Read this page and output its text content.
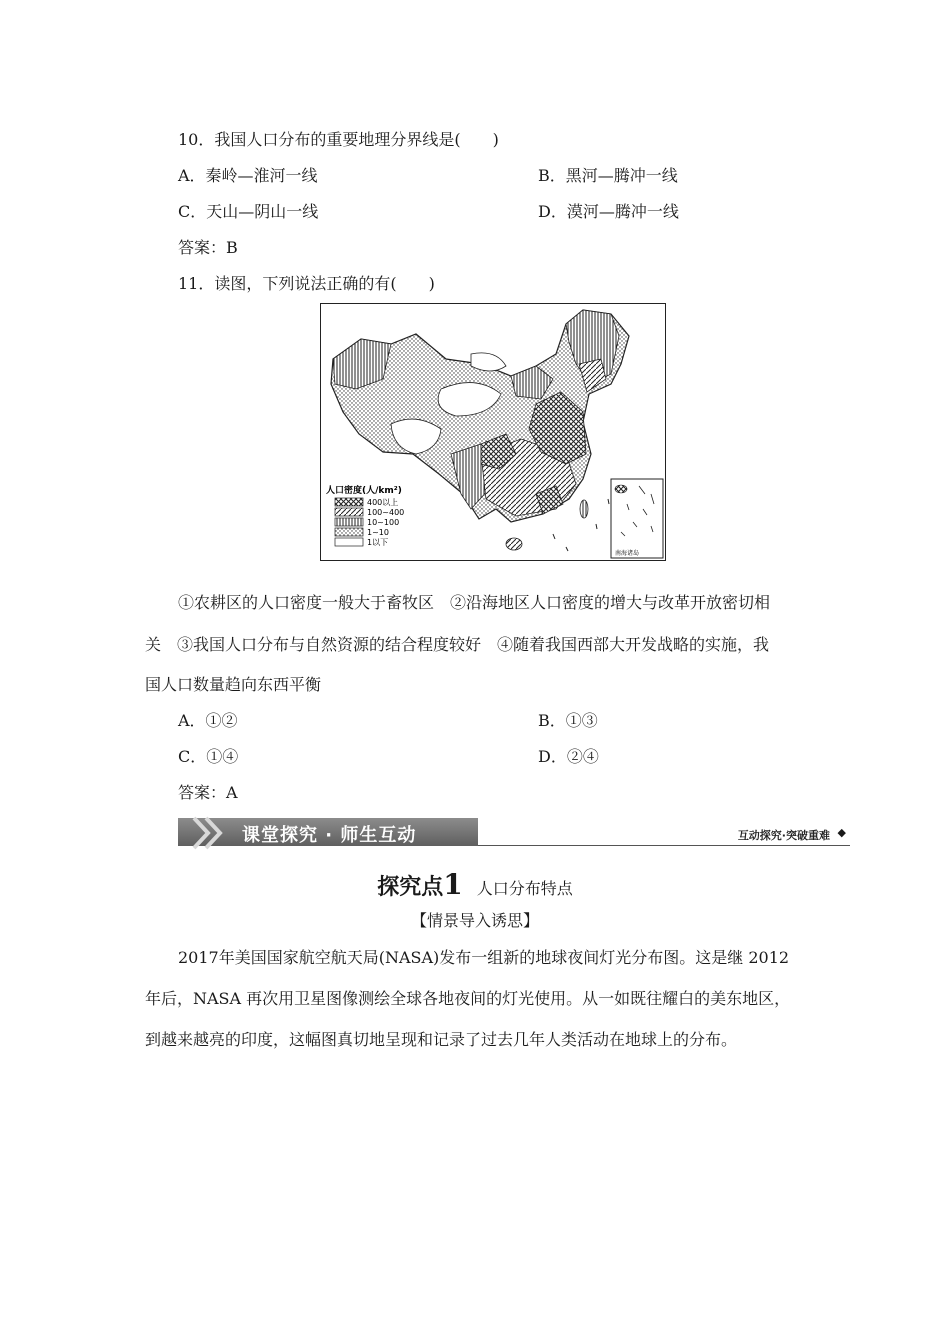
10．我国人口分布的重要地理分界线是(　　)
A．秦岭—淮河一线	B．黑河—腾冲一线
C．天山—阴山一线	D．漠河—腾冲一线
答案：B
11．读图，下列说法正确的有(　　)
人口密度(人/km²)
400以上
100~400
10~100
1~10
1以下
南海诸岛
①农耕区的人口密度一般大于畜牧区　②沿海地区人口密度的增大与改革开放密切相
关　③我国人口分布与自然资源的结合程度较好　④随着我国西部大开发战略的实施，我
国人口数量趋向东西平衡
A．①②	B．①③
C．①④	D．②④
答案：A
课堂探究 · 师生互动	互动探究·突破重难 ◆
探究点1 人口分布特点
【情景导入诱思】
2017年美国国家航空航天局(NASA)发布一组新的地球夜间灯光分布图。这是继 2012
年后，NASA 再次用卫星图像测绘全球各地夜间的灯光使用。从一如既往耀白的美东地区，
到越来越亮的印度，这幅图真切地呈现和记录了过去几年人类活动在地球上的分布。
